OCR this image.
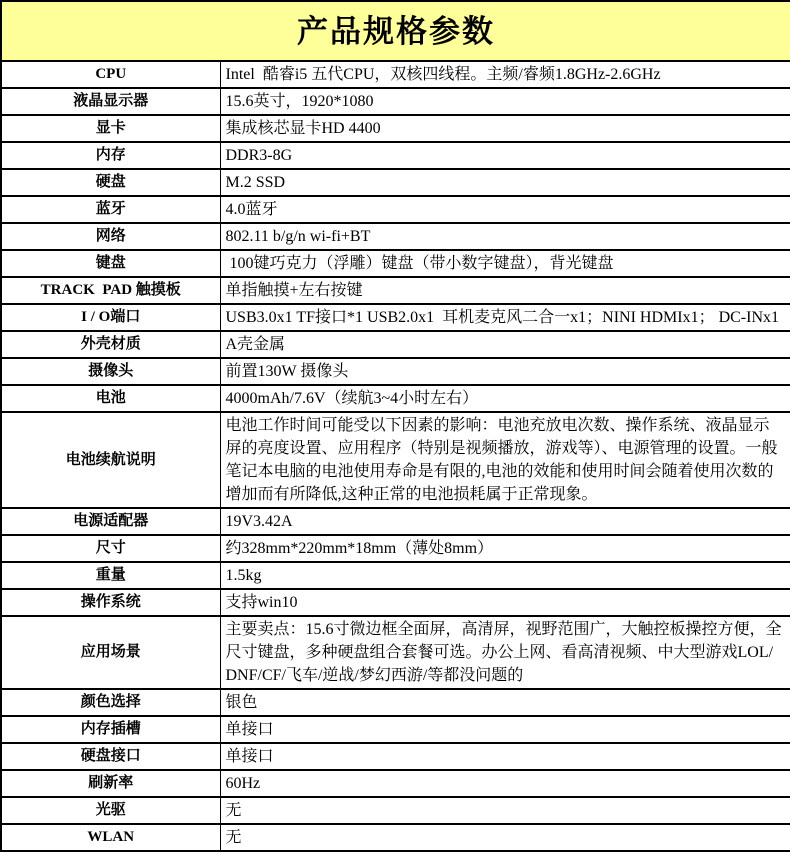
产品规格参数	
CPU	Intel  酷睿i5 五代CPU，双核四线程。主频/睿频1.8GHz-2.6GHz
液晶显示器	15.6英寸，1920*1080
显卡	集成核芯显卡HD 4400
内存	DDR3-8G
硬盘	M.2 SSD
蓝牙	4.0蓝牙
网络	802.11 b/g/n wi-fi+BT
键盘	100键巧克力（浮雕）键盘（带小数字键盘），背光键盘
TRACK  PAD 触摸板	单指触摸+左右按键
I / O端口	USB3.0x1 TF接口*1 USB2.0x1  耳机麦克风二合一x1；NINI HDMIx1； DC-INx1
外壳材质	A壳金属
摄像头	前置130W 摄像头
电池	4000mAh/7.6V（续航3~4小时左右）
电池续航说明	电池工作时间可能受以下因素的影响：电池充放电次数、操作系统、液晶显示屏的亮度设置、应用程序（特别是视频播放，游戏等）、电源管理的设置。一般笔记本电脑的电池使用寿命是有限的,电池的效能和使用时间会随着使用次数的增加而有所降低,这种正常的电池损耗属于正常现象。
电源适配器	19V3.42A
尺寸	约328mm*220mm*18mm（薄处8mm）
重量	1.5kg
操作系统	支持win10
应用场景	主要卖点：15.6寸微边框全面屏，高清屏，视野范围广，大触控板操控方便，全尺寸键盘，多种硬盘组合套餐可选。办公上网、看高清视频、中大型游戏LOL/DNF/CF/飞车/逆战/梦幻西游/等都没问题的
颜色选择	银色
内存插槽	单接口
硬盘接口	单接口
刷新率	60Hz
光驱	无
WLAN	无
